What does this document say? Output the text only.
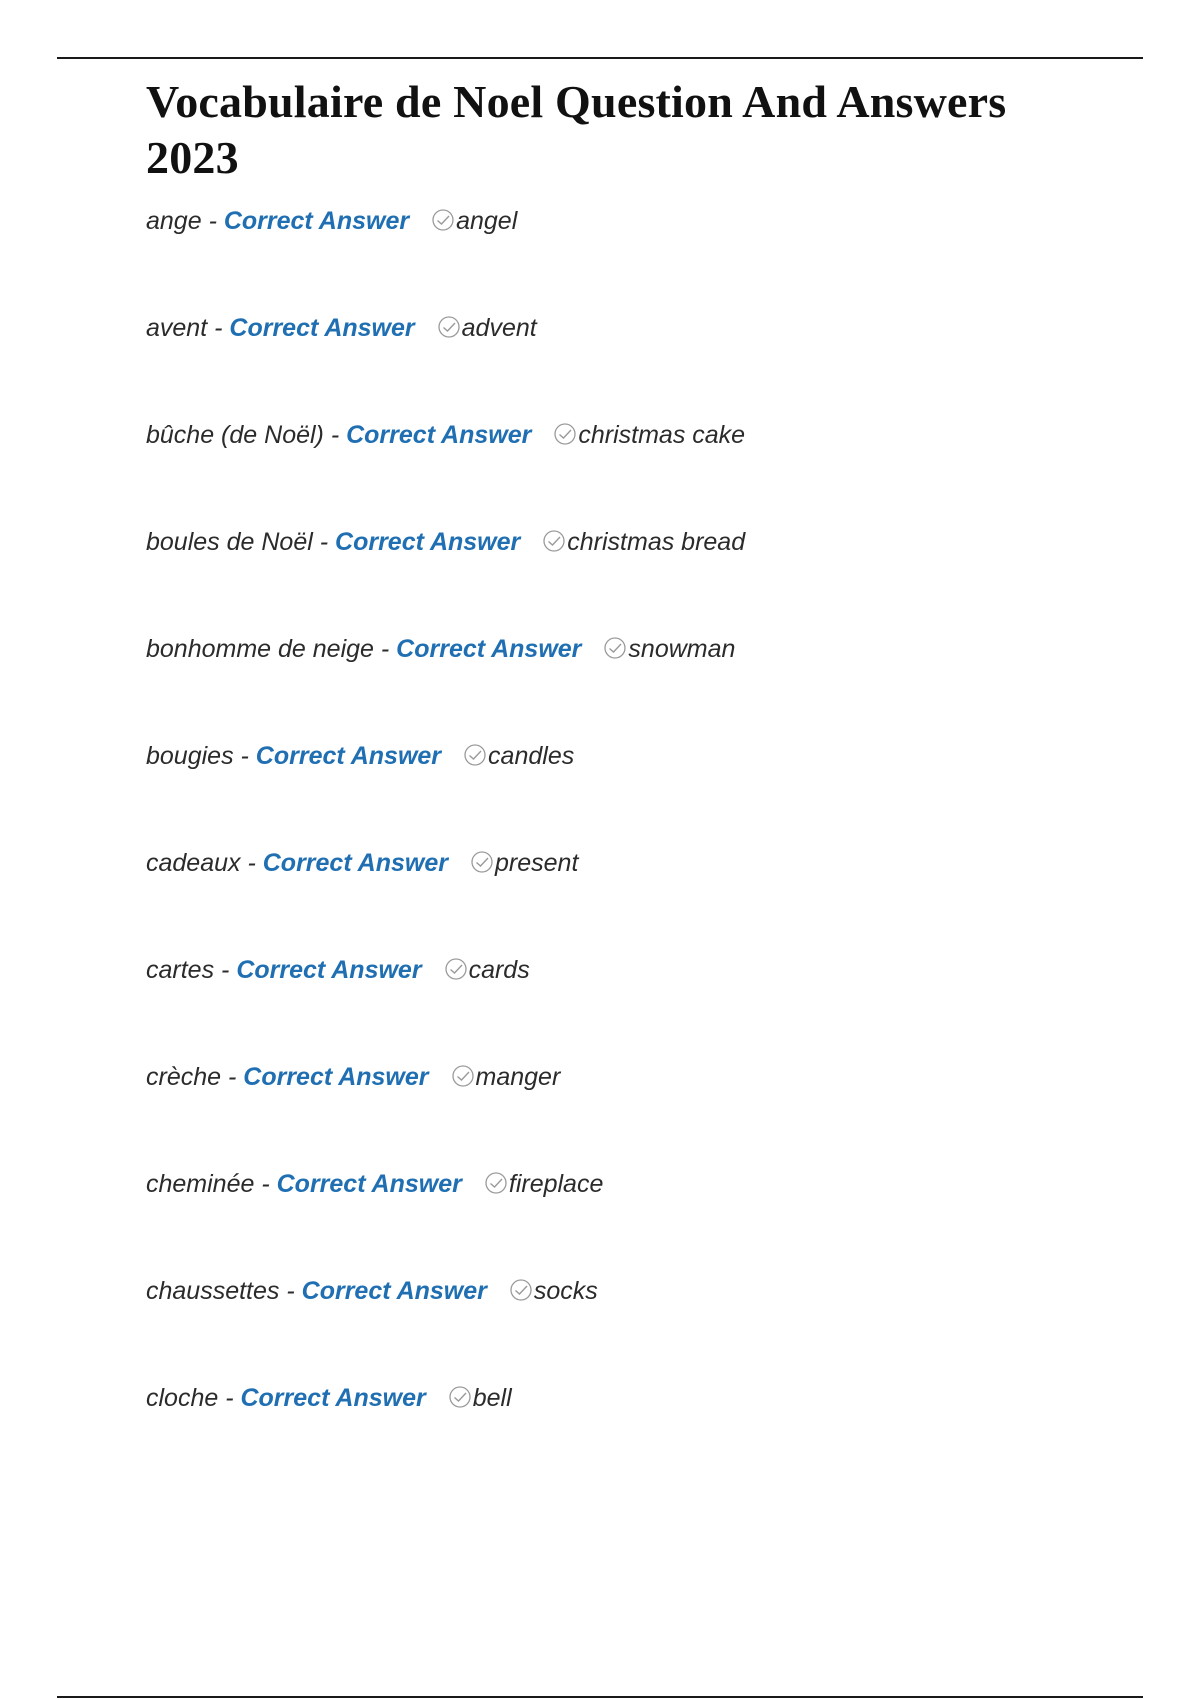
Vocabulaire de Noel Question And Answers 2023
ange - Correct Answer angel
avent - Correct Answer advent
bûche (de Noël) - Correct Answer christmas cake
boules de Noël - Correct Answer christmas bread
bonhomme de neige - Correct Answer snowman
bougies - Correct Answer candles
cadeaux - Correct Answer present
cartes - Correct Answer cards
crèche - Correct Answer manger
cheminée - Correct Answer fireplace
chaussettes - Correct Answer socks
cloche - Correct Answer bell
